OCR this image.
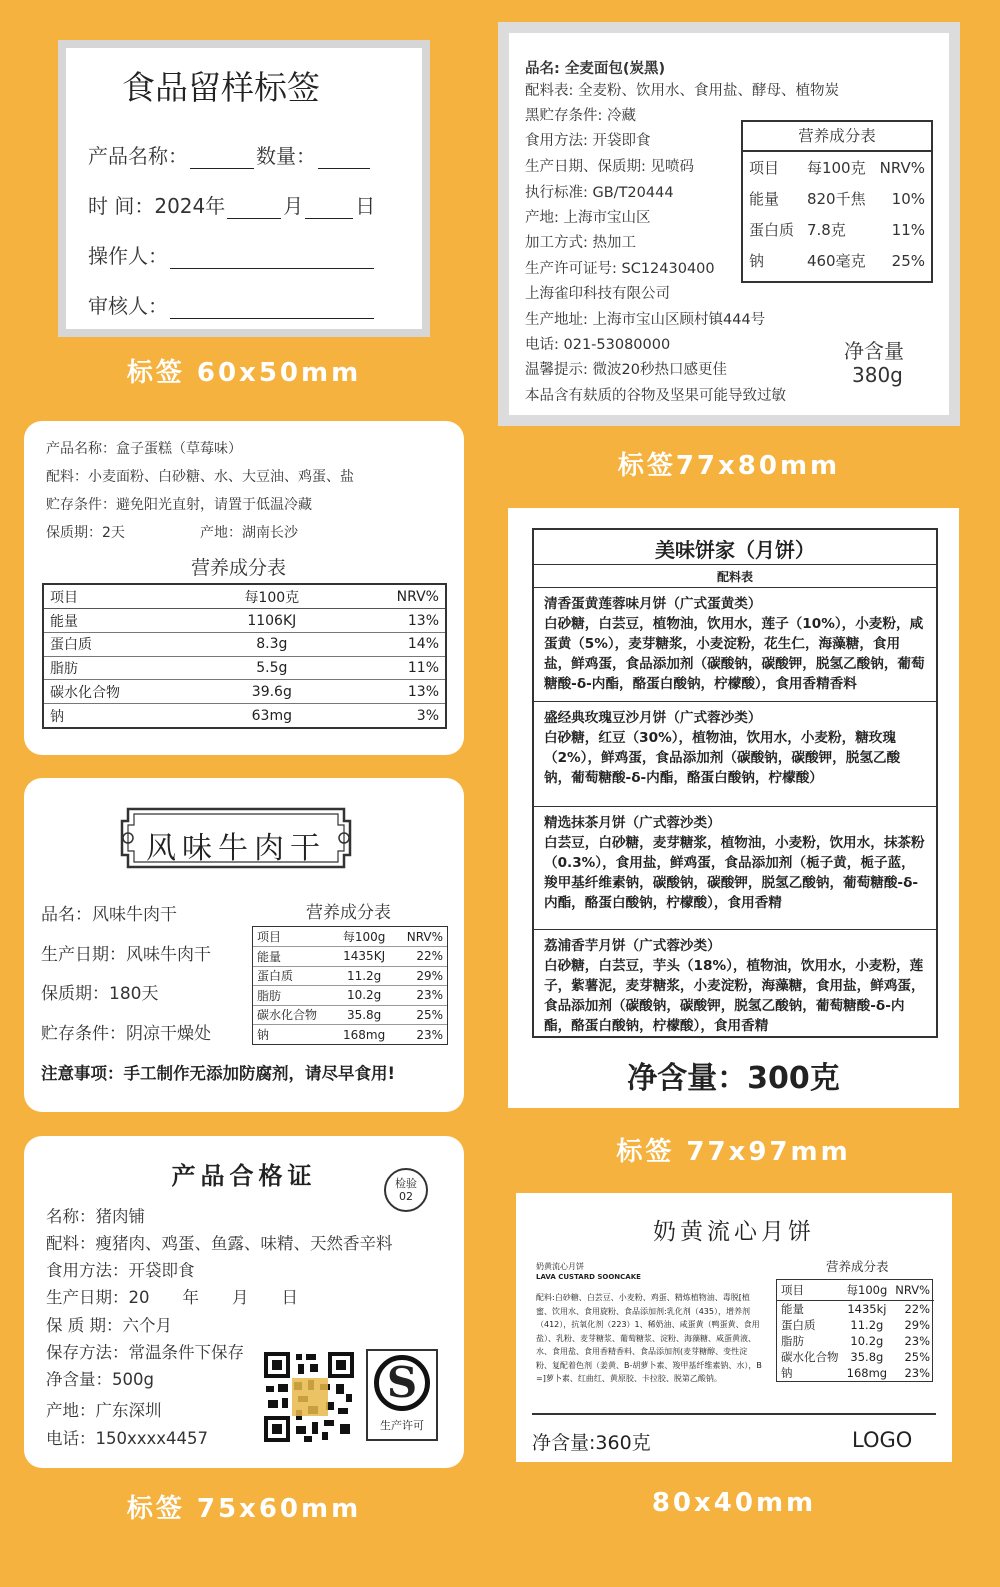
食品留样标签
产品名称：	数量：
时 间：2024年	月	日
操作人：
审核人：
标签 60x50mm
营养成分表
项目	每100克	NRV%
能量	820千焦	10%
蛋白质	7.8克	11%
钠	460毫克	25%
净含量
380g
品名: 全麦面包(炭黑)
配料表: 全麦粉、饮用水、食用盐、酵母、植物炭
黑贮存条件: 冷藏
食用方法: 开袋即食
生产日期、保质期: 见喷码
执行标准: GB/T20444
产地: 上海市宝山区
加工方式: 热加工
生产许可证号: SC12430400
上海雀印科技有限公司
生产地址: 上海市宝山区顾村镇444号
电话: 021-53080000
温馨提示: 微波20秒热口感更佳
本品含有麸质的谷物及坚果可能导致过敏
标签77x80mm
产品名称：盒子蛋糕（草莓味）
配料：小麦面粉、白砂糖、水、大豆油、鸡蛋、盐
贮存条件：避免阳光直射，请置于低温冷藏
保质期：2天	产地：湖南长沙
营养成分表
项目	每100克	NRV%
能量	1106KJ	13%
蛋白质	8.3g	14%
脂肪	5.5g	11%
碳水化合物	39.6g	13%
钠	63mg	3%
风味牛肉干
品名：风味牛肉干
生产日期：风味牛肉干
保质期：180天
贮存条件：阴凉干燥处
营养成分表
项目	每100g	NRV%
能量	1435KJ	22%
蛋白质	11.2g	29%
脂肪	10.2g	23%
碳水化合物	35.8g	25%
钠	168mg	23%
注意事项：手工制作无添加防腐剂，请尽早食用!
美味饼家（月饼）
配料表
清香蛋黄莲蓉味月饼（广式蛋黄类）
白砂糖，白芸豆，植物油，饮用水，莲子（10%），小麦粉，咸蛋黄（5%），麦芽糖浆，小麦淀粉，花生仁，海藻糖，食用盐，鲜鸡蛋，食品添加剂（碳酸钠，碳酸钾，脱氢乙酸钠，葡萄糖酸-δ-内酯，酪蛋白酸钠，柠檬酸），食用香精香料
盛经典玫瑰豆沙月饼（广式蓉沙类）
白砂糖，红豆（30%），植物油，饮用水，小麦粉，糖玫瑰（2%），鲜鸡蛋，食品添加剂（碳酸钠，碳酸钾，脱氢乙酸钠，葡萄糖酸-δ-内酯，酪蛋白酸钠，柠檬酸）
精选抹茶月饼（广式蓉沙类）
白芸豆，白砂糖，麦芽糖浆，植物油，小麦粉，饮用水，抹茶粉（0.3%），食用盐，鲜鸡蛋，食品添加剂（栀子黄，栀子蓝，羧甲基纤维素钠，碳酸钠，碳酸钾，脱氢乙酸钠，葡萄糖酸-δ-内酯，酪蛋白酸钠，柠檬酸），食用香精
荔浦香芋月饼（广式蓉沙类）
白砂糖，白芸豆，芋头（18%），植物油，饮用水，小麦粉，莲子，紫薯泥，麦芽糖浆，小麦淀粉，海藻糖，食用盐，鲜鸡蛋，食品添加剂（碳酸钠，碳酸钾，脱氢乙酸钠，葡萄糖酸-δ-内酯，酪蛋白酸钠，柠檬酸），食用香精
净含量：300克
标签 77x97mm
产品合格证	检验
02
名称：猪肉铺
配料：瘦猪肉、鸡蛋、鱼露、味精、天然香辛料
食用方法：开袋即食
生产日期：20　　年　　月　　日
保 质 期：六个月
保存方法：常温条件下保存
净含量：500g
产地：广东深圳
电话：150xxxx4457
S
生产许可
标签 75x60mm
奶黄流心月饼
奶黄流心月饼
LAVA CUSTARD SOONCAKE
配料:白砂糖、白芸豆、小麦粉、鸡蛋、精炼植物油、毒脱[植蜜、饮用水、食用旋粉、食品添加剂:乳化剂（435），增养剂（412），抗氧化剂（223）1、稀奶油、咸蛋黄（鸭蛋黄、食用盐）、乳粉、麦芽糖浆、葡萄糖浆、淀粉、海藻糖、咸蛋黄液、水、食用盐、食用香精香料、食品添加剂(麦芽糖醇、变性淀粉、复配着色剂（姜黄、B-胡萝卜素、羧甲基纤维素钠、水），B=]萝卜素、红曲红、黄原胶、卡拉胶、脱第乙酸钠。
营养成分表
项目	每100g	NRV%
能量	1435kj	22%
蛋白质	11.2g	29%
脂肪	10.2g	23%
碳水化合物	35.8g	25%
钠	168mg	23%
净含量:360克	LOGO
80x40mm
